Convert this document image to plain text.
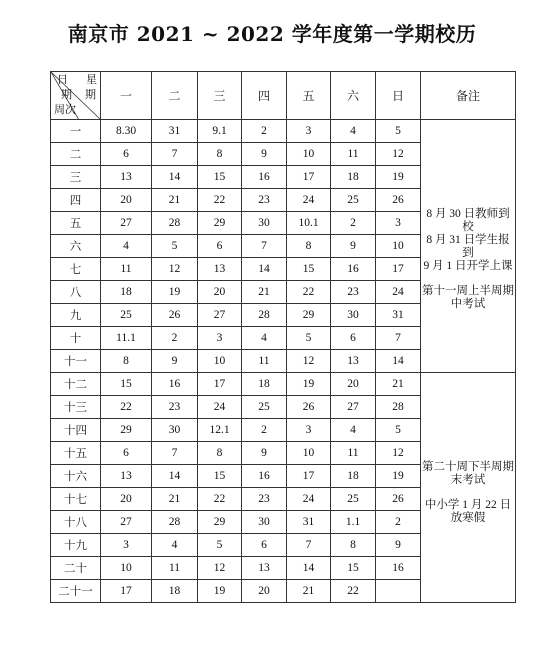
南京市 2021 ~ 2022 学年度第一学期校历
日 星
期 期
周次	一	二	三	四	五	六	日	备注
一	8.30	31	9.1	2	3	4	5	8 月 30 日教师到校
8 月 31 日学生报到
9 月 1 日开学上课
第十一周上半周期
中考试

二	6	7	8	9	10	11	12	
三	13	14	15	16	17	18	19	
四	20	21	22	23	24	25	26	
五	27	28	29	30	10.1	2	3	
六	4	5	6	7	8	9	10	
七	11	12	13	14	15	16	17	
八	18	19	20	21	22	23	24	
九	25	26	27	28	29	30	31	
十	11.1	2	3	4	5	6	7	
十一	8	9	10	11	12	13	14	
十二	15	16	17	18	19	20	21	第二十周下半周期
末考试
中小学 1 月 22 日
放寒假

十三	22	23	24	25	26	27	28	
十四	29	30	12.1	2	3	4	5	
十五	6	7	8	9	10	11	12	
十六	13	14	15	16	17	18	19	
十七	20	21	22	23	24	25	26	
十八	27	28	29	30	31	1.1	2	
十九	3	4	5	6	7	8	9	
二十	10	11	12	13	14	15	16	
二十一	17	18	19	20	21	22		
